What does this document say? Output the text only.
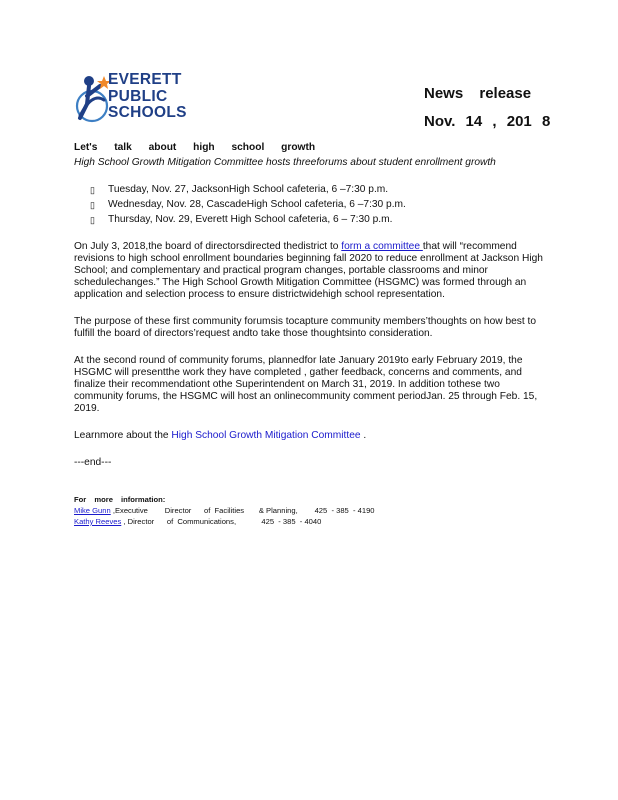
EVERETT
PUBLIC
SCHOOLS
News release
Nov. 14 , 201 8
Let's talk about high school growth
High School Growth Mitigation Committee hosts threeforums about student enrollment growth
▯ Tuesday, Nov. 27, JacksonHigh School cafeteria, 6 –7:30 p.m.
▯ Wednesday, Nov. 28, CascadeHigh School cafeteria, 6 –7:30 p.m.
▯ Thursday, Nov. 29, Everett High School cafeteria, 6 – 7:30 p.m.

On July 3, 2018,the board of directorsdirected thedistrict to form a committee that will “recommend revisions to high school enrollment boundaries beginning fall 2020 to reduce enrollment at Jackson High School; and complementary and practical program changes, portable classrooms and minor schedulechanges.” The High School Growth Mitigation Committee (HSGMC) was formed through an application and selection process to ensure districtwidehigh school representation.

The purpose of these first community forumsis tocapture community members’thoughts on how best to fulfill the board of directors’request andto take those thoughtsinto consideration.

At the second round of community forums, plannedfor late January 2019to early February 2019, the HSGMC will presentthe work they have completed , gather feedback, concerns and comments, and finalize their recommendationt othe Superintendent on March 31, 2019. In addition tothese two community forums, the HSGMC will host an onlinecommunity comment periodJan. 25 through Feb. 15, 2019.

Learnmore about the High School Growth Mitigation Committee .

---end---

For more information:
Mike Gunn ,Executive        Director      of  Facilities       & Planning,        425  - 385  - 4190
Kathy Reeves , Director      of  Communications,            425  - 385  - 4040
